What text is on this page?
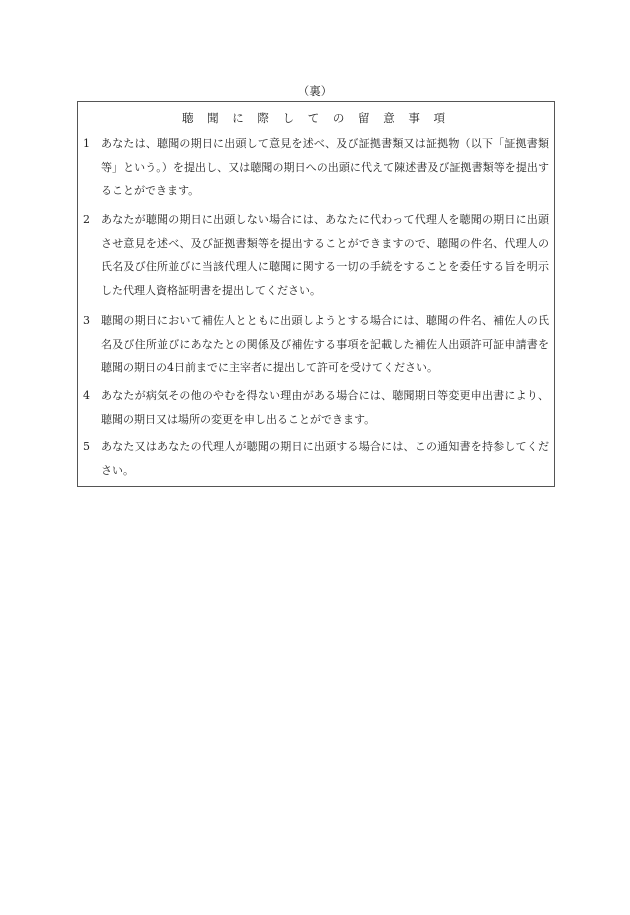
（裏）
聴 聞 に 際 し て の 留 意 事 項
1	あなたは、聴聞の期日に出頭して意見を述べ、及び証拠書類又は証拠物（以下「証拠書類等」という。）を提出し、又は聴聞の期日への出頭に代えて陳述書及び証拠書類等を提出することができます。
2	あなたが聴聞の期日に出頭しない場合には、あなたに代わって代理人を聴聞の期日に出頭させ意見を述べ、及び証拠書類等を提出することができますので、聴聞の件名、代理人の氏名及び住所並びに当該代理人に聴聞に関する一切の手続をすることを委任する旨を明示した代理人資格証明書を提出してください。
3	聴聞の期日において補佐人とともに出頭しようとする場合には、聴聞の件名、補佐人の氏名及び住所並びにあなたとの関係及び補佐する事項を記載した補佐人出頭許可証申請書を聴聞の期日の4日前までに主宰者に提出して許可を受けてください。
4	あなたが病気その他のやむを得ない理由がある場合には、聴聞期日等変更申出書により、聴聞の期日又は場所の変更を申し出ることができます。
5	あなた又はあなたの代理人が聴聞の期日に出頭する場合には、この通知書を持参してください。
